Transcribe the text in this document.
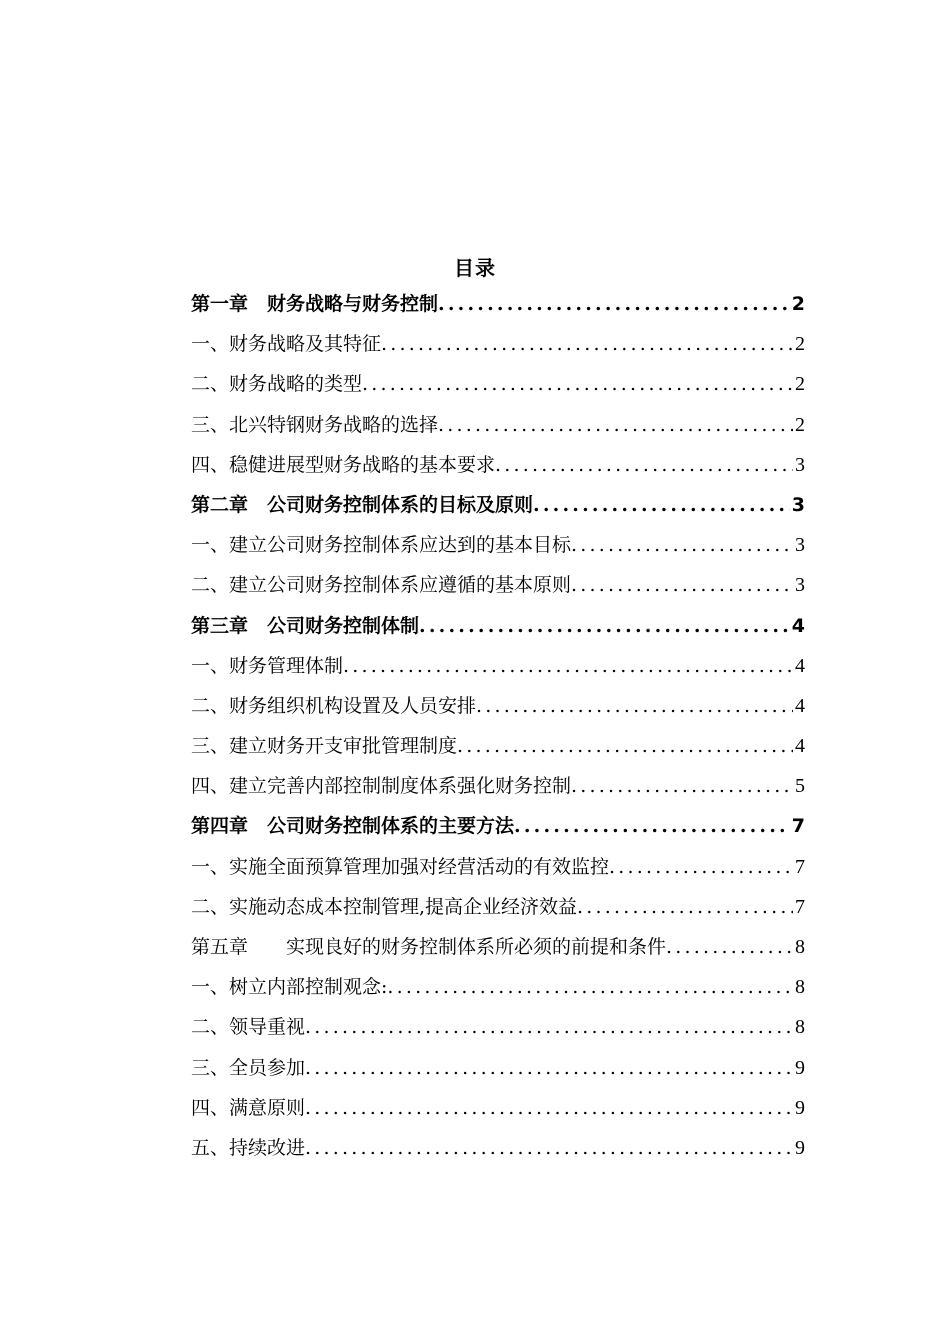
目录
第一章　财务战略与财务控制 .....	2
一、财务战略及其特征 .....	2
二、财务战略的类型 .....	2
三、北兴特钢财务战略的选择 .....	2
四、稳健进展型财务战略的基本要求 .....	3
第二章　公司财务控制体系的目标及原则 .....	3
一、建立公司财务控制体系应达到的基本目标 .....	3
二、建立公司财务控制体系应遵循的基本原则 .....	3
第三章　公司财务控制体制 .....	4
一、财务管理体制 .....	4
二、财务组织机构设置及人员安排 .....	4
三、建立财务开支审批管理制度 .....	4
四、建立完善内部控制制度体系强化财务控制 .....	5
第四章　公司财务控制体系的主要方法 .....	7
一、实施全面预算管理加强对经营活动的有效监控 .....	7
二、实施动态成本控制管理,提高企业经济效益 .....	7
第五章　　实现良好的财务控制体系所必须的前提和条件 .....	8
一、树立内部控制观念: .....	8
二、领导重视 .....	8
三、全员参加 .....	9
四、满意原则 .....	9
五、持续改进 .....	9
